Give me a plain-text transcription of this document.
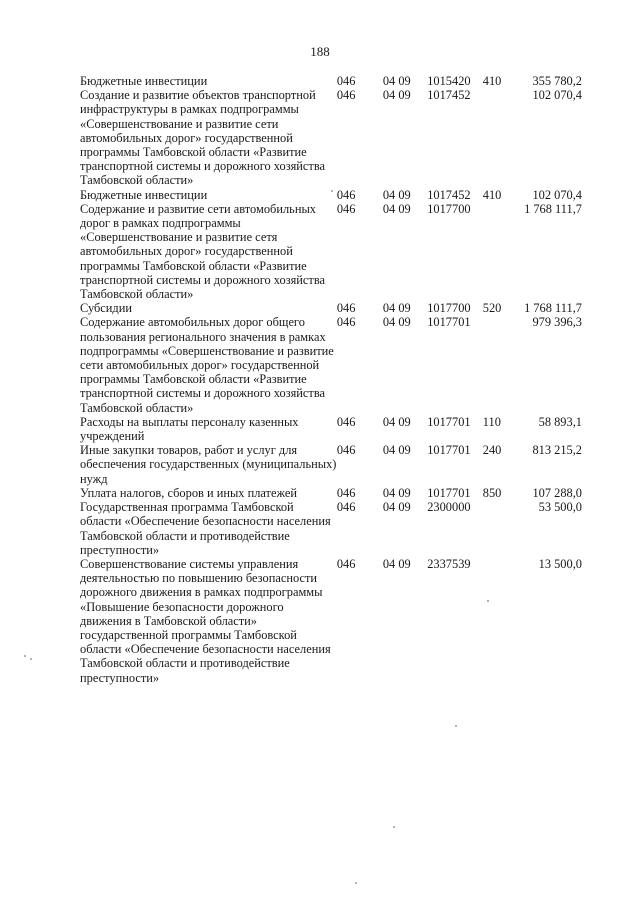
188
Бюджетные инвестиции	046	04 09	1015420	410	355 780,2
Создание и развитие объектов транспортной инфраструктуры в рамках подпрограммы «Совершенствование и развитие сети автомобильных дорог» государственной программы Тамбовской области «Развитие транспортной системы и дорожного хозяйства Тамбовской области»	046	04 09	1017452		102 070,4
Бюджетные инвестиции	046	04 09	1017452	410	102 070,4
Содержание и развитие сети автомобильных дорог в рамках подпрограммы «Совершенствование и развитие сетя автомобильных дорог» государственной программы Тамбовской области «Развитие транспортной системы и дорожного хозяйства Тамбовской области»	046	04 09	1017700		1 768 111,7
Субсидии	046	04 09	1017700	520	1 768 111,7
Содержание автомобильных дорог общего пользования регионального значения в рамках подпрограммы «Совершенствование и развитие сети автомобильных дорог» государственной программы Тамбовской области «Развитие транспортной системы и дорожного хозяйства Тамбовской области»	046	04 09	1017701		979 396,3
Расходы на выплаты персоналу казенных учреждений	046	04 09	1017701	110	58 893,1
Иные закупки товаров, работ и услуг для обеспечения государственных (муниципальных) нужд	046	04 09	1017701	240	813 215,2
Уплата налогов, сборов и иных платежей	046	04 09	1017701	850	107 288,0
Государственная программа Тамбовской области «Обеспечение безопасности населения Тамбовской области и противодействие преступности»	046	04 09	2300000		53 500,0
Совершенствование системы управления деятельностью по повышению безопасности дорожного движения в рамках подпрограммы «Повышение безопасности дорожного движения в Тамбовской области» государственной программы Тамбовской области «Обеспечение безопасности населения Тамбовской области и противодействие преступности»	046	04 09	2337539		13 500,0
